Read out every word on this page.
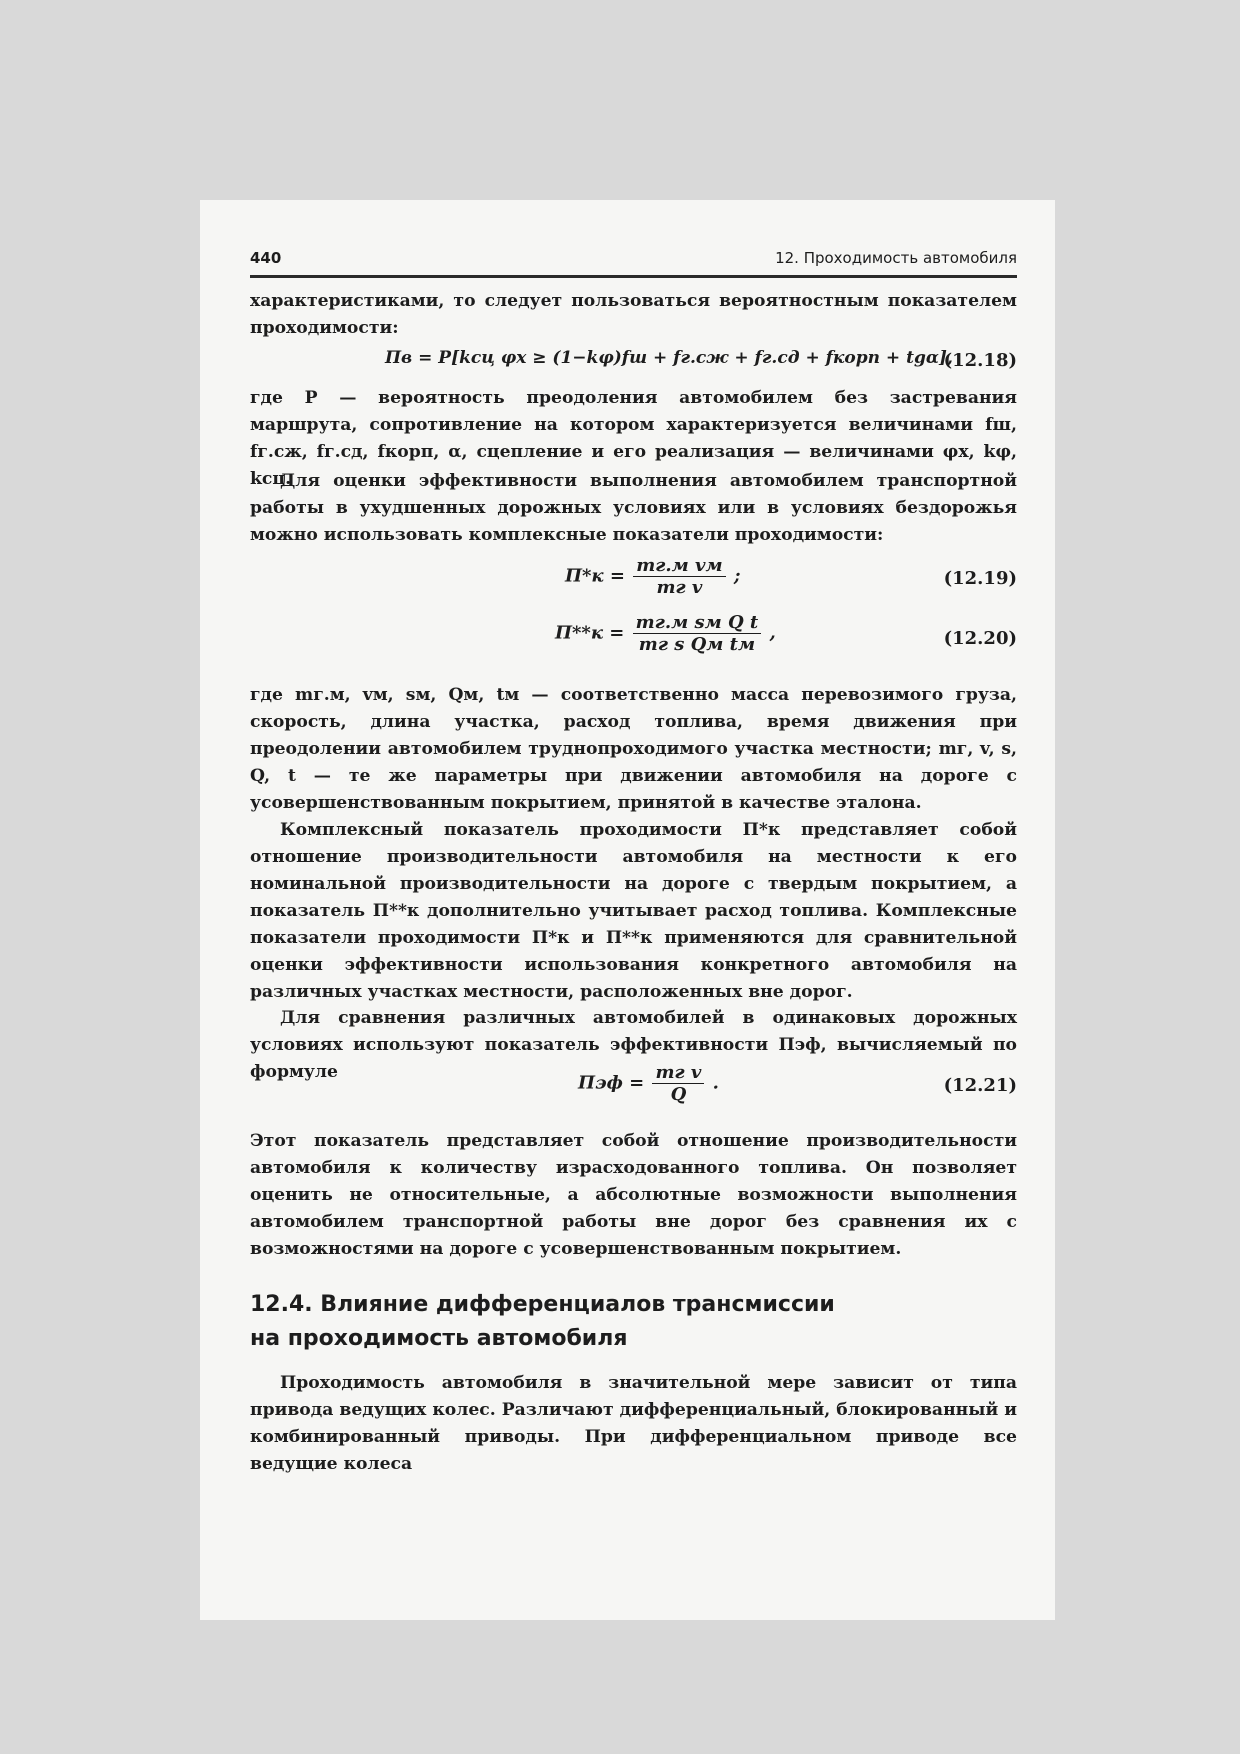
440	12. Проходимость автомобиля

характеристиками, то следует пользоваться вероятностным показателем проходимости:

Пв = P[kсц φx ≥ (1−kφ)fш + fг.сж + fг.сд + fкорп + tgα],
(12.18)

где P — вероятность преодоления автомобилем без застревания маршрута, сопротивление на котором характеризуется величинами fш, fг.сж, fг.сд, fкорп, α, сцепление и его реализация — величинами φx, kφ, kсц.

Для оценки эффективности выполнения автомобилем транспортной работы в ухудшенных дорожных условиях или в условиях бездорожья можно использовать комплексные показатели проходимости:

$П*к = \frac{\text{mг.м vм}}{\text{mг v}}$ ;	(12.19)
$П**к = \frac{\text{mг.м sм Q t}}{\text{mг s Qм tм}}$ ,	(12.20)

где mг.м, vм, sм, Qм, tм — соответственно масса перевозимого груза, скорость, длина участка, расход топлива, время движения при преодолении автомобилем труднопроходимого участка местности; mг, v, s, Q, t — те же параметры при движении автомобиля на дороге с усовершенствованным покрытием, принятой в качестве эталона.

Комплексный показатель проходимости П*к представляет собой отношение производительности автомобиля на местности к его номинальной производительности на дороге с твердым покрытием, а показатель П**к дополнительно учитывает расход топлива. Комплексные показатели проходимости П*к и П**к применяются для сравнительной оценки эффективности использования конкретного автомобиля на различных участках местности, расположенных вне дорог.

Для сравнения различных автомобилей в одинаковых дорожных условиях используют показатель эффективности Пэф, вычисляемый по формуле

Пэф = $\frac{\text{mг v}}{Q}$ .	(12.21)

Этот показатель представляет собой отношение производительности автомобиля к количеству израсходованного топлива. Он позволяет оценить не относительные, а абсолютные возможности выполнения автомобилем транспортной работы вне дорог без сравнения их с возможностями на дороге с усовершенствованным покрытием.

12.4. Влияние дифференциалов трансмиссии
на проходимость автомобиля

Проходимость автомобиля в значительной мере зависит от типа привода ведущих колес. Различают дифференциальный, блокированный и комбинированный приводы. При дифференциальном приводе все ведущие колеса
